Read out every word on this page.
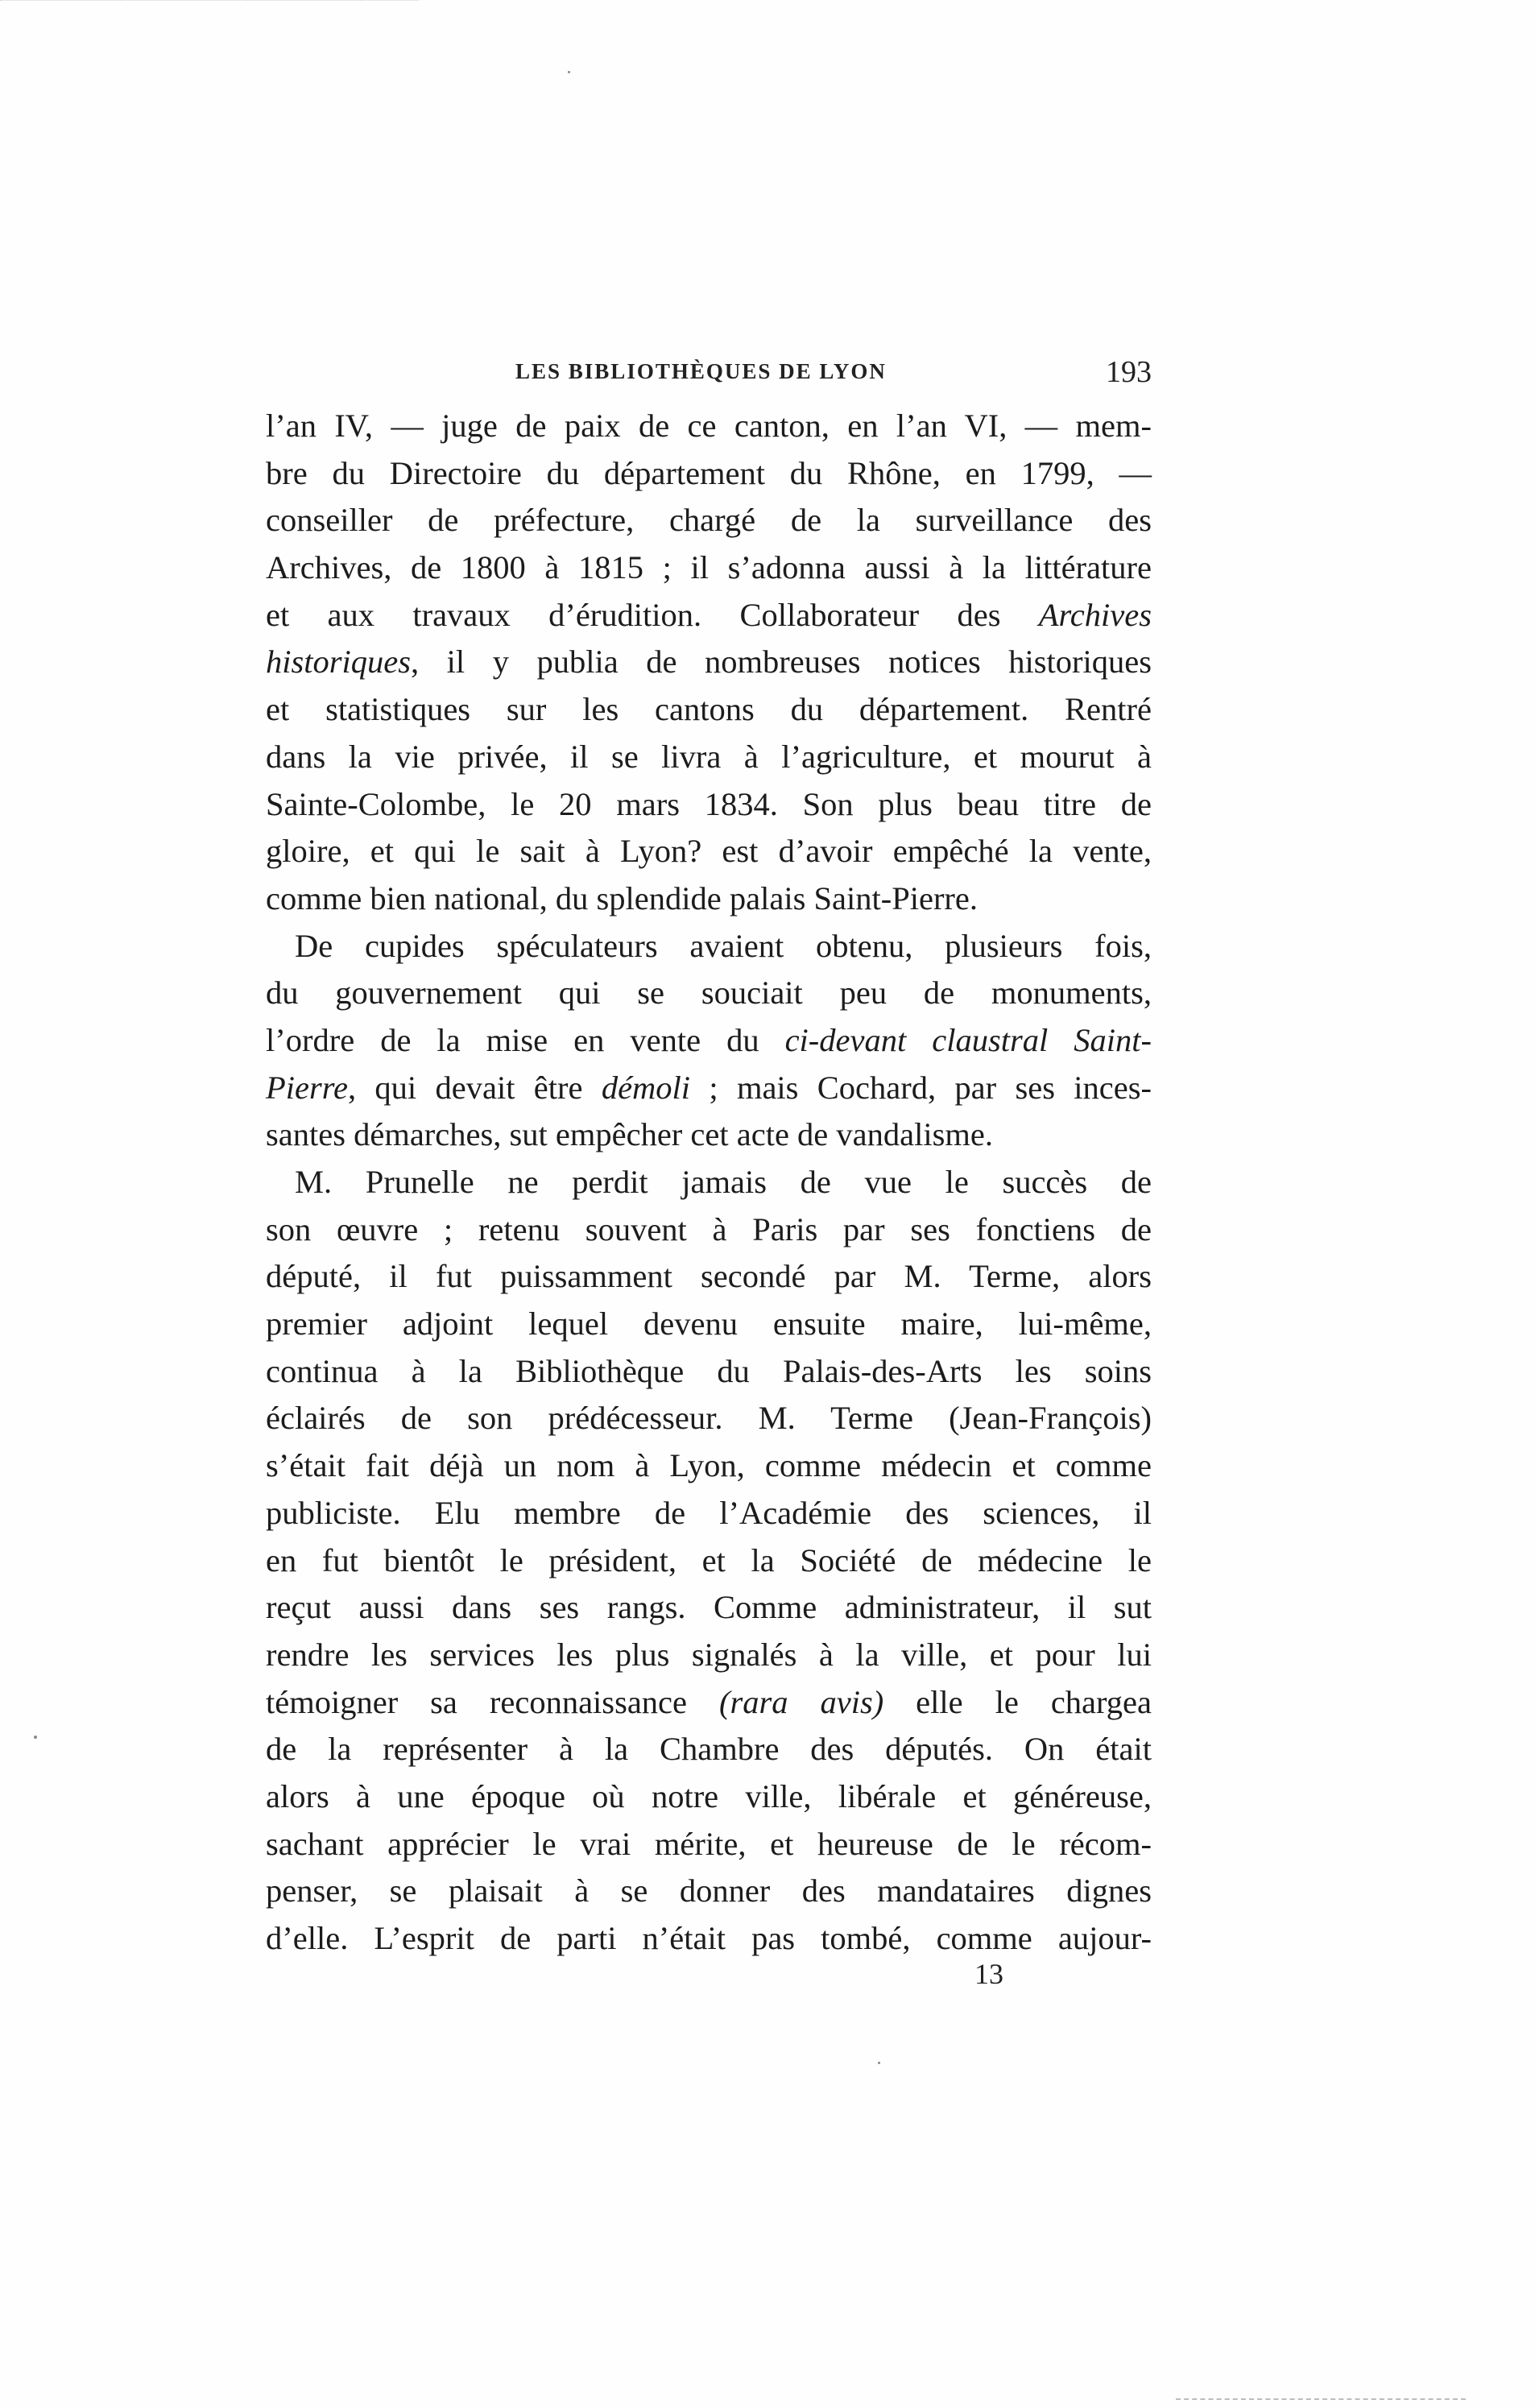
LES BIBLIOTHÈQUES DE LYON	193
l’an IV, — juge de paix de ce canton, en l’an VI, — mem-
bre du Directoire du département du Rhône, en 1799, —
conseiller de préfecture, chargé de la surveillance des
Archives, de 1800 à 1815 ; il s’adonna aussi à la littérature
et aux travaux d’érudition. Collaborateur des Archives
historiques, il y publia de nombreuses notices historiques
et statistiques sur les cantons du département. Rentré
dans la vie privée, il se livra à l’agriculture, et mourut à
Sainte-Colombe, le 20 mars 1834. Son plus beau titre de
gloire, et qui le sait à Lyon? est d’avoir empêché la vente,
comme bien national, du splendide palais Saint-Pierre.
De cupides spéculateurs avaient obtenu, plusieurs fois,
du gouvernement qui se souciait peu de monuments,
l’ordre de la mise en vente du ci-devant claustral Saint-
Pierre, qui devait être démoli ; mais Cochard, par ses inces-
santes démarches, sut empêcher cet acte de vandalisme.
M. Prunelle ne perdit jamais de vue le succès de
son œuvre ; retenu souvent à Paris par ses fonctiens de
député, il fut puissamment secondé par M. Terme, alors
premier adjoint lequel devenu ensuite maire, lui-même,
continua à la Bibliothèque du Palais-des-Arts les soins
éclairés de son prédécesseur. M. Terme (Jean-François)
s’était fait déjà un nom à Lyon, comme médecin et comme
publiciste. Elu membre de l’Académie des sciences, il
en fut bientôt le président, et la Société de médecine le
reçut aussi dans ses rangs. Comme administrateur, il sut
rendre les services les plus signalés à la ville, et pour lui
témoigner sa reconnaissance (rara avis) elle le chargea
de la représenter à la Chambre des députés. On était
alors à une époque où notre ville, libérale et généreuse,
sachant apprécier le vrai mérite, et heureuse de le récom-
penser, se plaisait à se donner des mandataires dignes
d’elle. L’esprit de parti n’était pas tombé, comme aujour-
13
